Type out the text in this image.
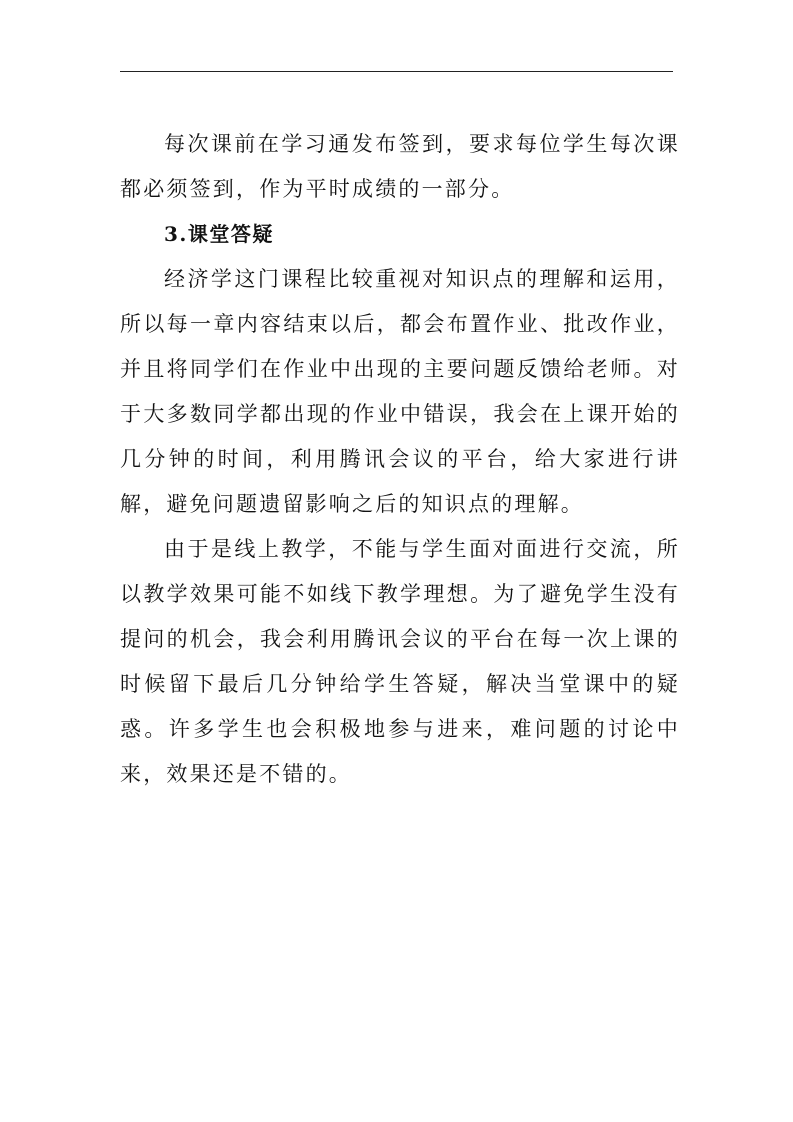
每次课前在学习通发布签到，要求每位学生每次课都必须签到，作为平时成绩的一部分。

3.课堂答疑

经济学这门课程比较重视对知识点的理解和运用，所以每一章内容结束以后，都会布置作业、批改作业，并且将同学们在作业中出现的主要问题反馈给老师。对于大多数同学都出现的作业中错误，我会在上课开始的几分钟的时间，利用腾讯会议的平台，给大家进行讲解，避免问题遗留影响之后的知识点的理解。

由于是线上教学，不能与学生面对面进行交流，所以教学效果可能不如线下教学理想。为了避免学生没有提问的机会，我会利用腾讯会议的平台在每一次上课的时候留下最后几分钟给学生答疑，解决当堂课中的疑惑。许多学生也会积极地参与进来，难问题的讨论中来，效果还是不错的。
